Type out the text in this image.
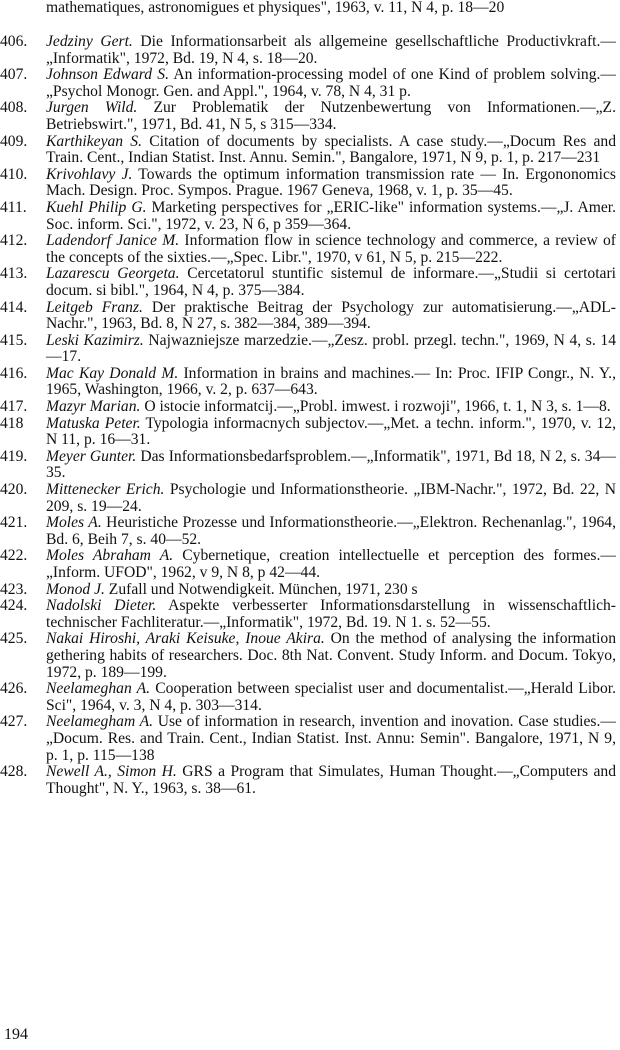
mathematiques, astronomigues et physiques", 1963, v. 11, N 4, p. 18—20

406.	Jedziny Gert. Die Informationsarbeit als allgemeine gesellschaftliche Productivkraft.—„Informatik", 1972, Bd. 19, N 4, s. 18—20.

407.	Johnson Edward S. An information-processing model of one Kind of problem solving.—„Psychol Monogr. Gen. and Appl.", 1964, v. 78, N 4, 31 p.

408.	Jurgen Wild. Zur Problematik der Nutzenbewertung von Informationen.—„Z. Betriebswirt.", 1971, Bd. 41, N 5, s 315—334.

409.	Karthikeyan S. Citation of documents by specialists. A case study.—„Docum Res and Train. Cent., Indian Statist. Inst. Annu. Semin.", Bangalore, 1971, N 9, p. 1, p. 217—231

410.	Krivohlavy J. Towards the optimum information transmission rate — In. Ergononomics Mach. Design. Proc. Sympos. Prague. 1967 Geneva, 1968, v. 1, p. 35—45.

411.	Kuehl Philip G. Marketing perspectives for „ERIC-like" information systems.—„J. Amer. Soc. inform. Sci.", 1972, v. 23, N 6, p 359—364.

412.	Ladendorf Janice M. Information flow in science technology and commerce, a review of the concepts of the sixties.—„Spec. Libr.", 1970, v 61, N 5, p. 215—222.

413.	Lazarescu Georgeta. Cercetatorul stuntific sistemul de informare.—„Studii si certotari docum. si bibl.", 1964, N 4, p. 375—384.

414.	Leitgeb Franz. Der praktische Beitrag der Psychology zur automatisierung.—„ADL-Nachr.", 1963, Bd. 8, N 27, s. 382—384, 389—394.

415.	Leski Kazimirz. Najwazniejsze marzedzie.—„Zesz. probl. przegl. techn.", 1969, N 4, s. 14—17.

416.	Mac Kay Donald M. Information in brains and machines.— In: Proc. IFIP Congr., N. Y., 1965, Washington, 1966, v. 2, p. 637—643.

417.	Mazyr Marian. O istocie informatcij.—„Probl. imwest. i rozwoji", 1966, t. 1, N 3, s. 1—8.

418	Matuska Peter. Typologia informacnych subjectov.—„Met. a techn. inform.", 1970, v. 12, N 11, p. 16—31.

419.	Meyer Gunter. Das Informationsbedarfsproblem.—„Informatik", 1971, Bd 18, N 2, s. 34—35.

420.	Mittenecker Erich. Psychologie und Informationstheorie. „IBM-Nachr.", 1972, Bd. 22, N 209, s. 19—24.

421.	Moles A. Heuristiche Prozesse und Informationstheorie.—„Elektron. Rechenanlag.", 1964, Bd. 6, Beih 7, s. 40—52.

422.	Moles Abraham A. Cybernetique, creation intellectuelle et perception des formes.—„Inform. UFOD", 1962, v 9, N 8, p 42—44.

423.	Monod J. Zufall und Notwendigkeit. München, 1971, 230 s

424.	Nadolski Dieter. Aspekte verbesserter Informationsdarstellung in wissenschaftlich-technischer Fachliteratur.—„Informatik", 1972, Bd. 19. N 1. s. 52—55.

425.	Nakai Hiroshi, Araki Keisuke, Inoue Akira. On the method of analysing the information gethering habits of researchers. Doc. 8th Nat. Convent. Study Inform. and Docum. Tokyo, 1972, p. 189—199.

426.	Neelameghan A. Cooperation between specialist user and documentalist.—„Herald Libor. Sci", 1964, v. 3, N 4, p. 303—314.

427.	Neelamegham A. Use of information in research, invention and inovation. Case studies.—„Docum. Res. and Train. Cent., Indian Statist. Inst. Annu: Semin". Bangalore, 1971, N 9, p. 1, p. 115—138

428.	Newell A., Simon H. GRS a Program that Simulates, Human Thought.—„Computers and Thought", N. Y., 1963, s. 38—61.

194
